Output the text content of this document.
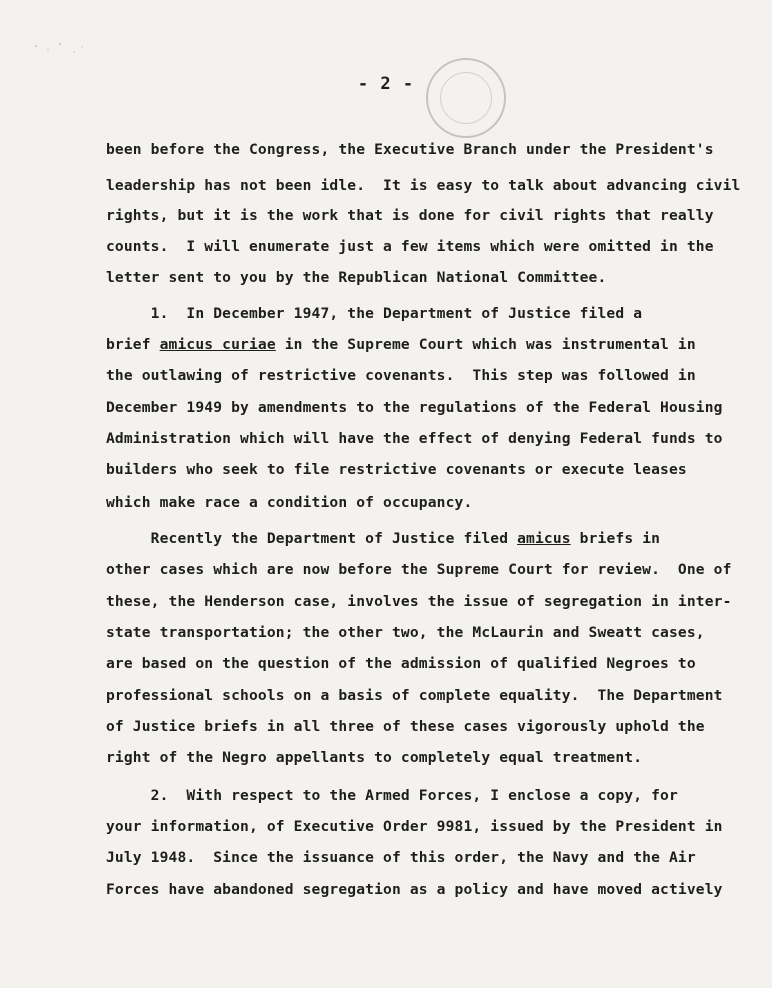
- 2 -
been before the Congress, the Executive Branch under the President's
leadership has not been idle.  It is easy to talk about advancing civil
rights, but it is the work that is done for civil rights that really
counts.  I will enumerate just a few items which were omitted in the
letter sent to you by the Republican National Committee.
1.  In December 1947, the Department of Justice filed a
brief amicus curiae in the Supreme Court which was instrumental in
the outlawing of restrictive covenants.  This step was followed in
December 1949 by amendments to the regulations of the Federal Housing
Administration which will have the effect of denying Federal funds to
builders who seek to file restrictive covenants or execute leases
which make race a condition of occupancy.
Recently the Department of Justice filed amicus briefs in
other cases which are now before the Supreme Court for review.  One of
these, the Henderson case, involves the issue of segregation in inter-
state transportation; the other two, the McLaurin and Sweatt cases,
are based on the question of the admission of qualified Negroes to
professional schools on a basis of complete equality.  The Department
of Justice briefs in all three of these cases vigorously uphold the
right of the Negro appellants to completely equal treatment.
2.  With respect to the Armed Forces, I enclose a copy, for
your information, of Executive Order 9981, issued by the President in
July 1948.  Since the issuance of this order, the Navy and the Air
Forces have abandoned segregation as a policy and have moved actively
